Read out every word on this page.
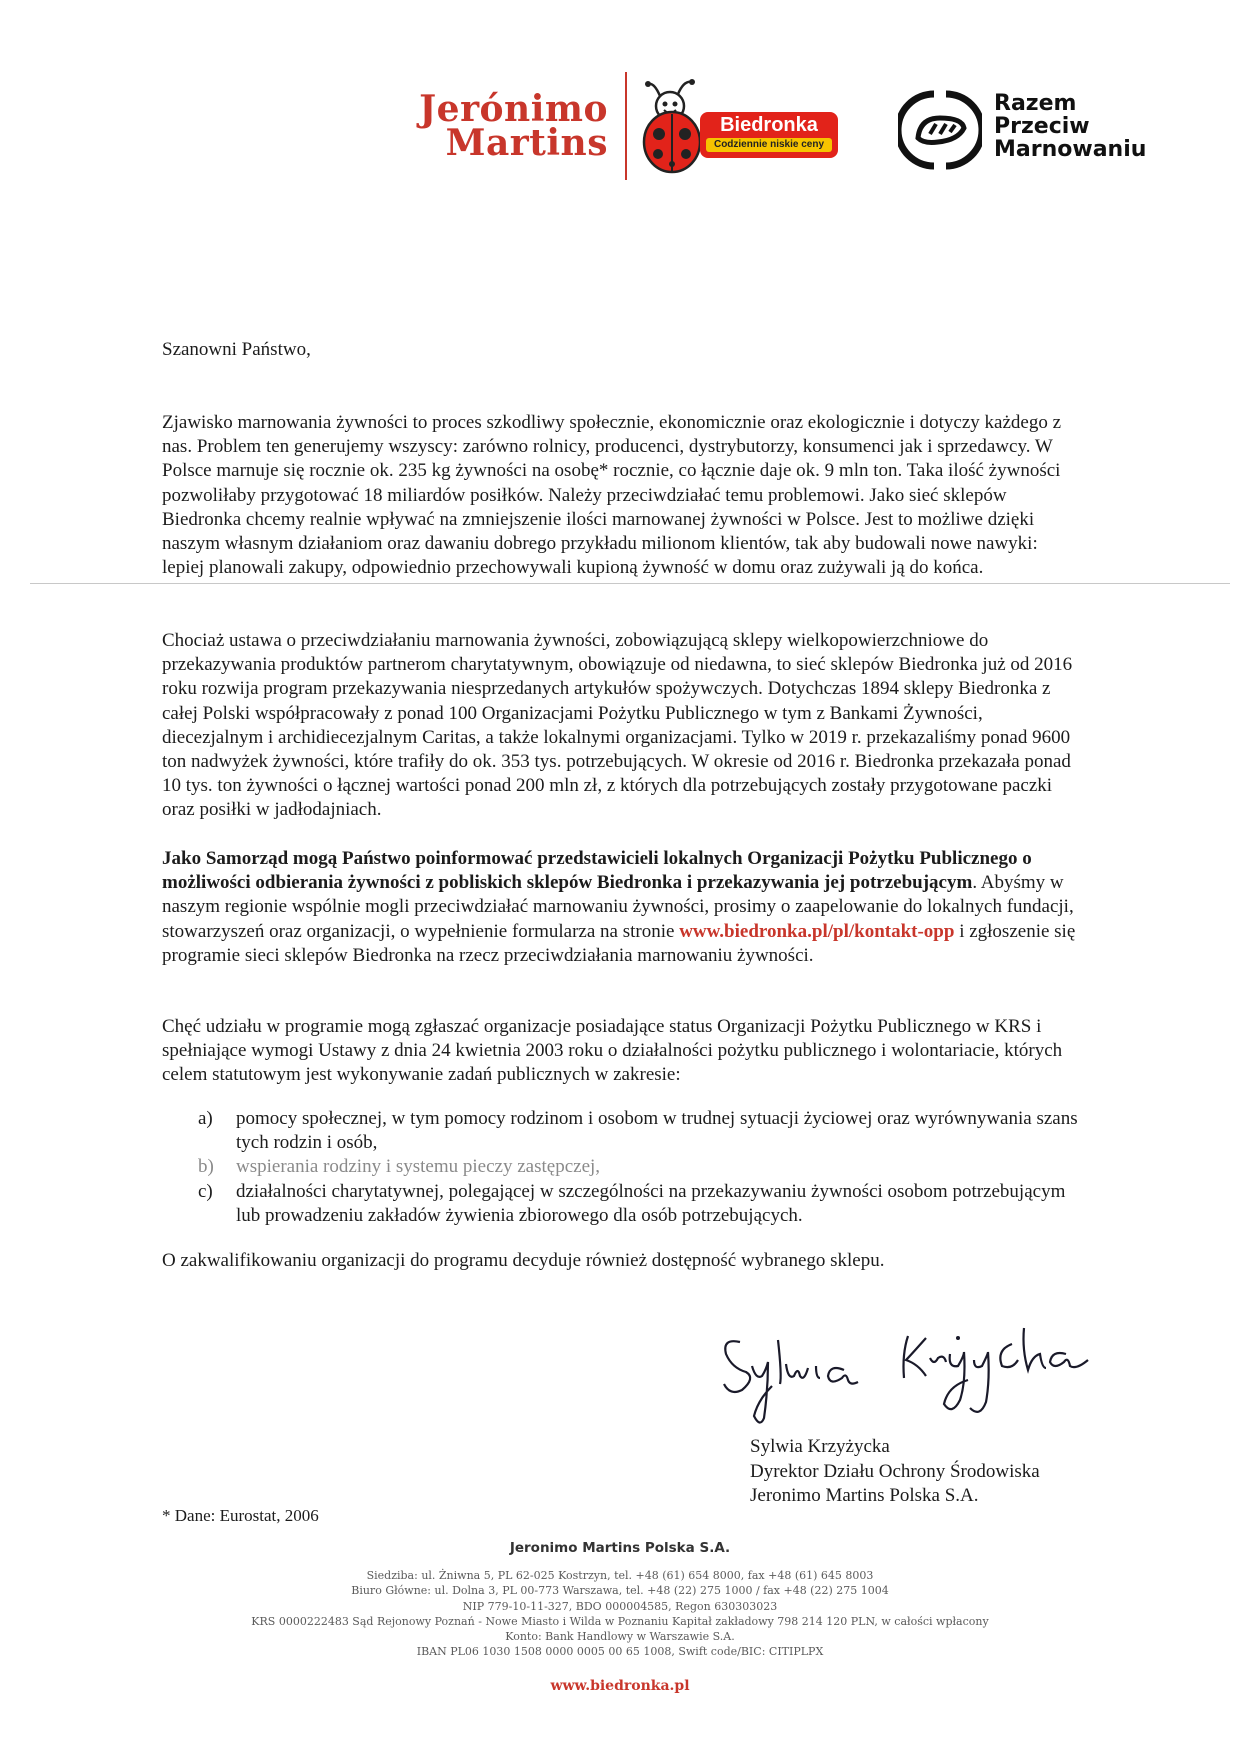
Jerónimo
Martins	Biedronka
Codziennie niskie ceny
Razem
Przeciw
Marnowaniu
Szanowni Państwo,

Zjawisko marnowania żywności to proces szkodliwy społecznie, ekonomicznie oraz ekologicznie i dotyczy każdego z nas. Problem ten generujemy wszyscy: zarówno rolnicy, producenci, dystrybutorzy, konsumenci jak i sprzedawcy. W Polsce marnuje się rocznie ok. 235 kg żywności na osobę* rocznie, co łącznie daje ok. 9 mln ton. Taka ilość żywności pozwoliłaby przygotować 18 miliardów posiłków. Należy przeciwdziałać temu problemowi. Jako sieć sklepów Biedronka chcemy realnie wpływać na zmniejszenie ilości marnowanej żywności w Polsce. Jest to możliwe dzięki naszym własnym działaniom oraz dawaniu dobrego przykładu milionom klientów, tak aby budowali nowe nawyki: lepiej planowali zakupy, odpowiednio przechowywali kupioną żywność w domu oraz zużywali ją do końca.

Chociaż ustawa o przeciwdziałaniu marnowania żywności, zobowiązującą sklepy wielkopowierzchniowe do przekazywania produktów partnerom charytatywnym, obowiązuje od niedawna, to sieć sklepów Biedronka już od 2016 roku rozwija program przekazywania niesprzedanych artykułów spożywczych. Dotychczas 1894 sklepy Biedronka z całej Polski współpracowały z ponad 100 Organizacjami Pożytku Publicznego w tym z Bankami Żywności, diecezjalnym i archidiecezjalnym Caritas, a także lokalnymi organizacjami. Tylko w 2019 r. przekazaliśmy ponad 9600 ton nadwyżek żywności, które trafiły do ok. 353 tys. potrzebujących. W okresie od 2016 r. Biedronka przekazała ponad 10 tys. ton żywności o łącznej wartości ponad 200 mln zł, z których dla potrzebujących zostały przygotowane paczki oraz posiłki w jadłodajniach.

Jako Samorząd mogą Państwo poinformować przedstawicieli lokalnych Organizacji Pożytku Publicznego o możliwości odbierania żywności z pobliskich sklepów Biedronka i przekazywania jej potrzebującym. Abyśmy w naszym regionie wspólnie mogli przeciwdziałać marnowaniu żywności, prosimy o zaapelowanie do lokalnych fundacji, stowarzyszeń oraz organizacji, o wypełnienie formularza na stronie www.biedronka.pl/pl/kontakt-opp i zgłoszenie się programie sieci sklepów Biedronka na rzecz przeciwdziałania marnowaniu żywności.

Chęć udziału w programie mogą zgłaszać organizacje posiadające status Organizacji Pożytku Publicznego w KRS i spełniające wymogi Ustawy z dnia 24 kwietnia 2003 roku o działalności pożytku publicznego i wolontariacie, których celem statutowym jest wykonywanie zadań publicznych w zakresie:

a) pomocy społecznej, w tym pomocy rodzinom i osobom w trudnej sytuacji życiowej oraz wyrównywania szans tych rodzin i osób,
b) wspierania rodziny i systemu pieczy zastępczej,
c) działalności charytatywnej, polegającej w szczególności na przekazywaniu żywności osobom potrzebującym lub prowadzeniu zakładów żywienia zbiorowego dla osób potrzebujących.

O zakwalifikowaniu organizacji do programu decyduje również dostępność wybranego sklepu.

Sylwia Krzyżycka
Dyrektor Działu Ochrony Środowiska
Jeronimo Martins Polska S.A.
* Dane: Eurostat, 2006
Jeronimo Martins Polska S.A.
Siedziba: ul. Żniwna 5, PL 62-025 Kostrzyn, tel. +48 (61) 654 8000, fax +48 (61) 645 8003
Biuro Główne: ul. Dolna 3, PL 00-773 Warszawa, tel. +48 (22) 275 1000 / fax +48 (22) 275 1004
NIP 779-10-11-327, BDO 000004585, Regon 630303023
KRS 0000222483 Sąd Rejonowy Poznań - Nowe Miasto i Wilda w Poznaniu Kapitał zakładowy 798 214 120 PLN, w całości wpłacony
Konto: Bank Handlowy w Warszawie S.A.
IBAN PL06 1030 1508 0000 0005 00 65 1008, Swift code/BIC: CITIPLPX
www.biedronka.pl
